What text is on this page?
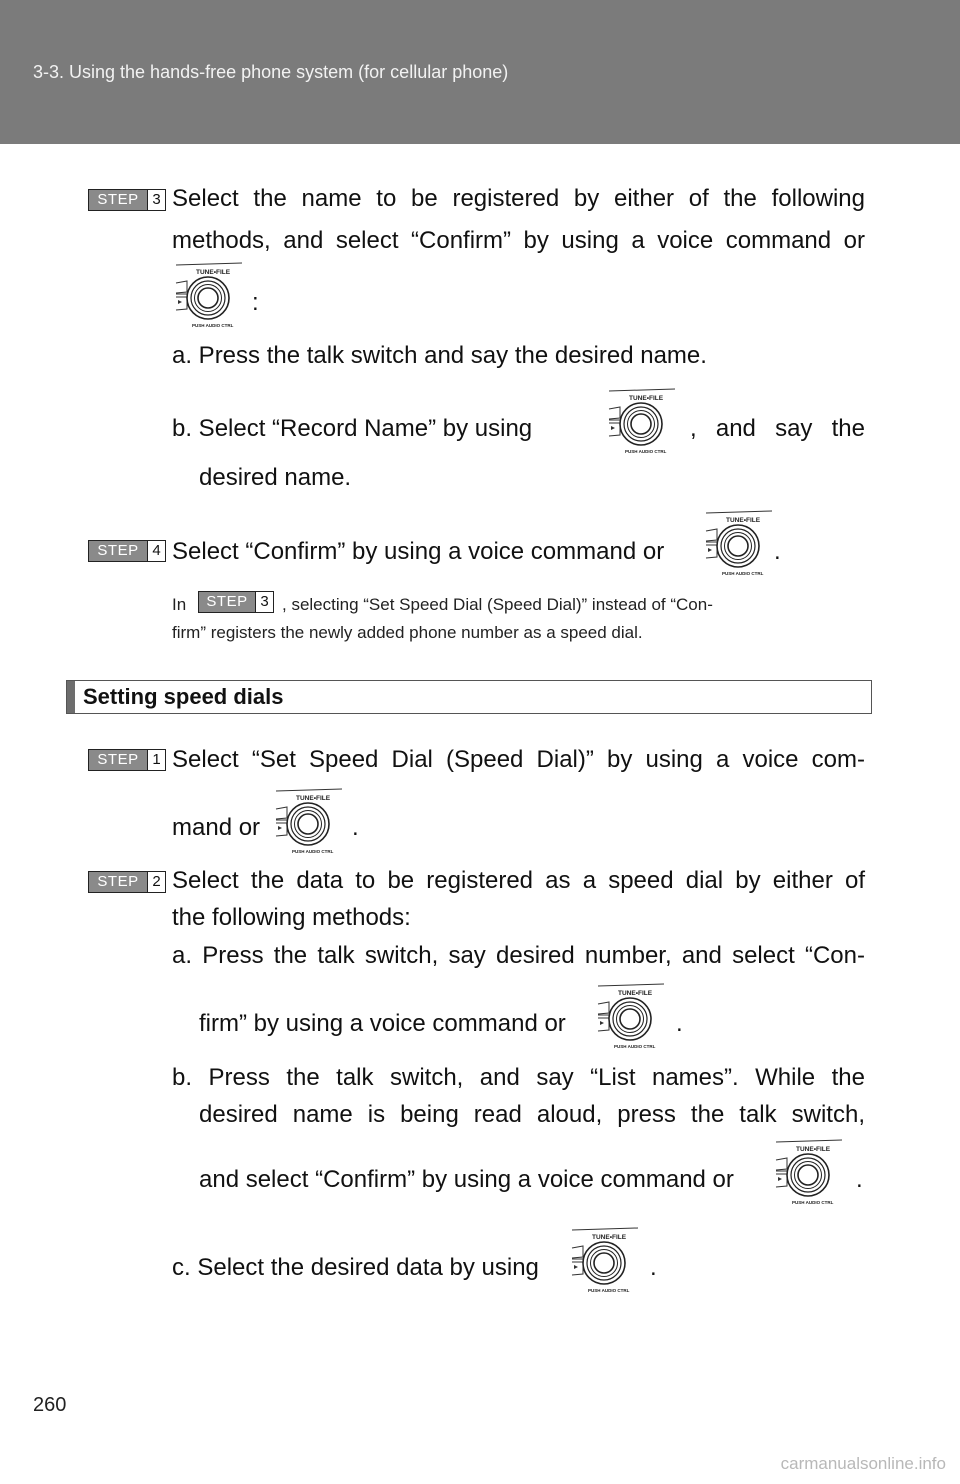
3-3. Using the hands-free phone system (for cellular phone)
STEP 3 Select the name to be registered by either of the following
methods, and select “Confirm” by using a voice command or
:
a. Press the talk switch and say the desired name.
b. Select “Record Name” by using	, and say the
desired name.
STEP 4 Select “Confirm” by using a voice command or	.
In	STEP 3 , selecting “Set Speed Dial (Speed Dial)” instead of “Con-
firm” registers the newly added phone number as a speed dial.
Setting speed dials
STEP 1 Select “Set Speed Dial (Speed Dial)” by using a voice com-
mand or	.
STEP 2 Select the data to be registered as a speed dial by either of
the following methods:
a. Press the talk switch, say desired number, and select “Con-
firm” by using a voice command or	.
b. Press the talk switch, and say “List names”. While the
desired name is being read aloud, press the talk switch,
and select “Confirm” by using a voice command or	.
c. Select the desired data by using	.
260
carmanualsonline.info
